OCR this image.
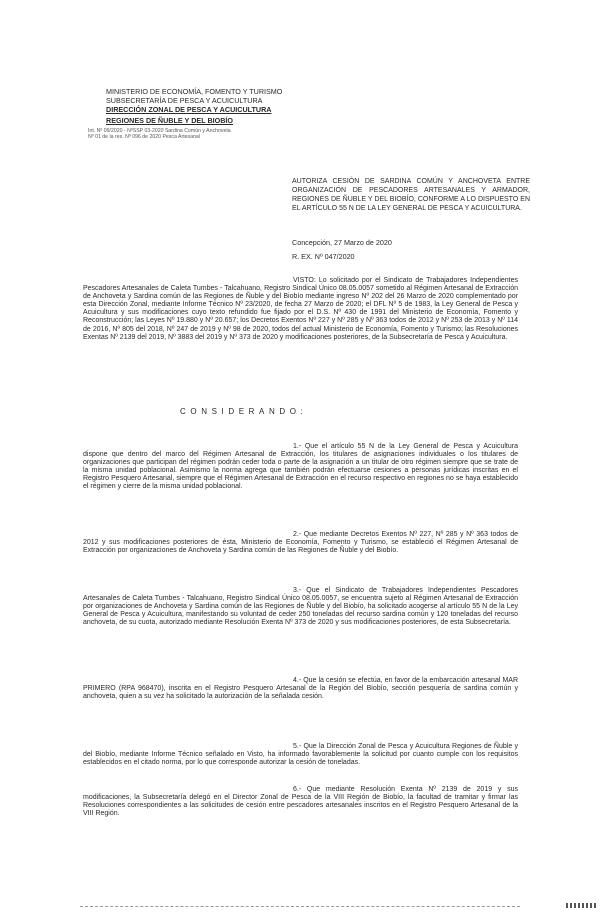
MINISTERIO DE ECONOMÍA, FOMENTO Y TURISMO
SUBSECRETARÍA DE PESCA Y ACUICULTURA
DIRECCIÓN ZONAL DE PESCA Y ACUICULTURA
REGIONES DE ÑUBLE Y DEL BIOBÍO
Int. Nº 09/2020 - NºSSP 03-2020 Sardina Común y Anchoveta
Nº 01 de la res. Nº 096 de 2020 Pesca Artesanal
AUTORIZA CESIÓN DE SARDINA COMÚN Y ANCHOVETA ENTRE ORGANIZACIÓN DE PESCADORES ARTESANALES Y ARMADOR, REGIONES DE ÑUBLE Y DEL BIOBÍO, CONFORME A LO DISPUESTO EN EL ARTÍCULO 55 N DE LA LEY GENERAL DE PESCA Y ACUICULTURA.
Concepción, 27 Marzo de 2020
R. EX. Nº 047/2020
VISTO: Lo solicitado por el Sindicato de Trabajadores Independientes Pescadores Artesanales de Caleta Tumbes - Talcahuano, Registro Sindical Único 08.05.0057 sometido al Régimen Artesanal de Extracción de Anchoveta y Sardina común de las Regiones de Ñuble y del Biobío mediante ingreso Nº 202 del 26 Marzo de 2020 complementado por esta Dirección Zonal, mediante Informe Técnico Nº 23/2020, de fecha 27 Marzo de 2020; el DFL Nº 5 de 1983, la Ley General de Pesca y Acuicultura y sus modificaciones cuyo texto refundido fue fijado por el D.S. Nº 430 de 1991 del Ministerio de Economía, Fomento y Reconstrucción; las Leyes Nº 19.880 y Nº 20.657; los Decretos Exentos Nº 227 y Nº 285 y Nº 363 todos de 2012 y Nº 253 de 2013 y Nº 114 de 2016, Nº 805 del 2018, Nº 247 de 2019 y Nº 98 de 2020, todos del actual Ministerio de Economía, Fomento y Turismo; las Resoluciones Exentas Nº 2139 del 2019, Nº 3883 del 2019 y Nº 373 de 2020 y modificaciones posteriores, de la Subsecretaría de Pesca y Acuicultura.
CONSIDERANDO:
1.- Que el artículo 55 N de la Ley General de Pesca y Acuicultura dispone que dentro del marco del Régimen Artesanal de Extracción, los titulares de asignaciones individuales o los titulares de organizaciones que participan del régimen podrán ceder toda o parte de la asignación a un titular de otro régimen siempre que se trate de la misma unidad poblacional. Asimismo la norma agrega que también podrán efectuarse cesiones a personas jurídicas inscritas en el Registro Pesquero Artesanal, siempre que el Régimen Artesanal de Extracción en el recurso respectivo en regiones no se haya establecido el régimen y cierre de la misma unidad poblacional.
2.- Que mediante Decretos Exentos Nº 227, Nº 285 y Nº 363 todos de 2012 y sus modificaciones posteriores de ésta, Ministerio de Economía, Fomento y Turismo, se estableció el Régimen Artesanal de Extracción por organizaciones de Anchoveta y Sardina común de las Regiones de Ñuble y del Biobío.
3.- Que el Sindicato de Trabajadores Independientes Pescadores Artesanales de Caleta Tumbes - Talcahuano, Registro Sindical Único 08.05.0057, se encuentra sujeto al Régimen Artesanal de Extracción por organizaciones de Anchoveta y Sardina común de las Regiones de Ñuble y del Biobío, ha solicitado acogerse al artículo 55 N de la Ley General de Pesca y Acuicultura, manifestando su voluntad de ceder 250 toneladas del recurso sardina común y 120 toneladas del recurso anchoveta, de su cuota, autorizado mediante Resolución Exenta Nº 373 de 2020 y sus modificaciones posteriores, de esta Subsecretaría.
4.- Que la cesión se efectúa, en favor de la embarcación artesanal MAR PRIMERO (RPA 968470), inscrita en el Registro Pesquero Artesanal de la Región del Biobío, sección pesquería de sardina común y anchoveta, quien a su vez ha solicitado la autorización de la señalada cesión.
5.- Que la Dirección Zonal de Pesca y Acuicultura Regiones de Ñuble y del Biobío, mediante Informe Técnico señalado en Visto, ha informado favorablemente la solicitud por cuanto cumple con los requisitos establecidos en el citado norma, por lo que corresponde autorizar la cesión de toneladas.
6.- Que mediante Resolución Exenta Nº 2139 de 2019 y sus modificaciones, la Subsecretaría delegó en el Director Zonal de Pesca de la VIII Región de Biobío, la facultad de tramitar y firmar las Resoluciones correspondientes a las solicitudes de cesión entre pescadores artesanales inscritos en el Registro Pesquero Artesanal de la VIII Región.
